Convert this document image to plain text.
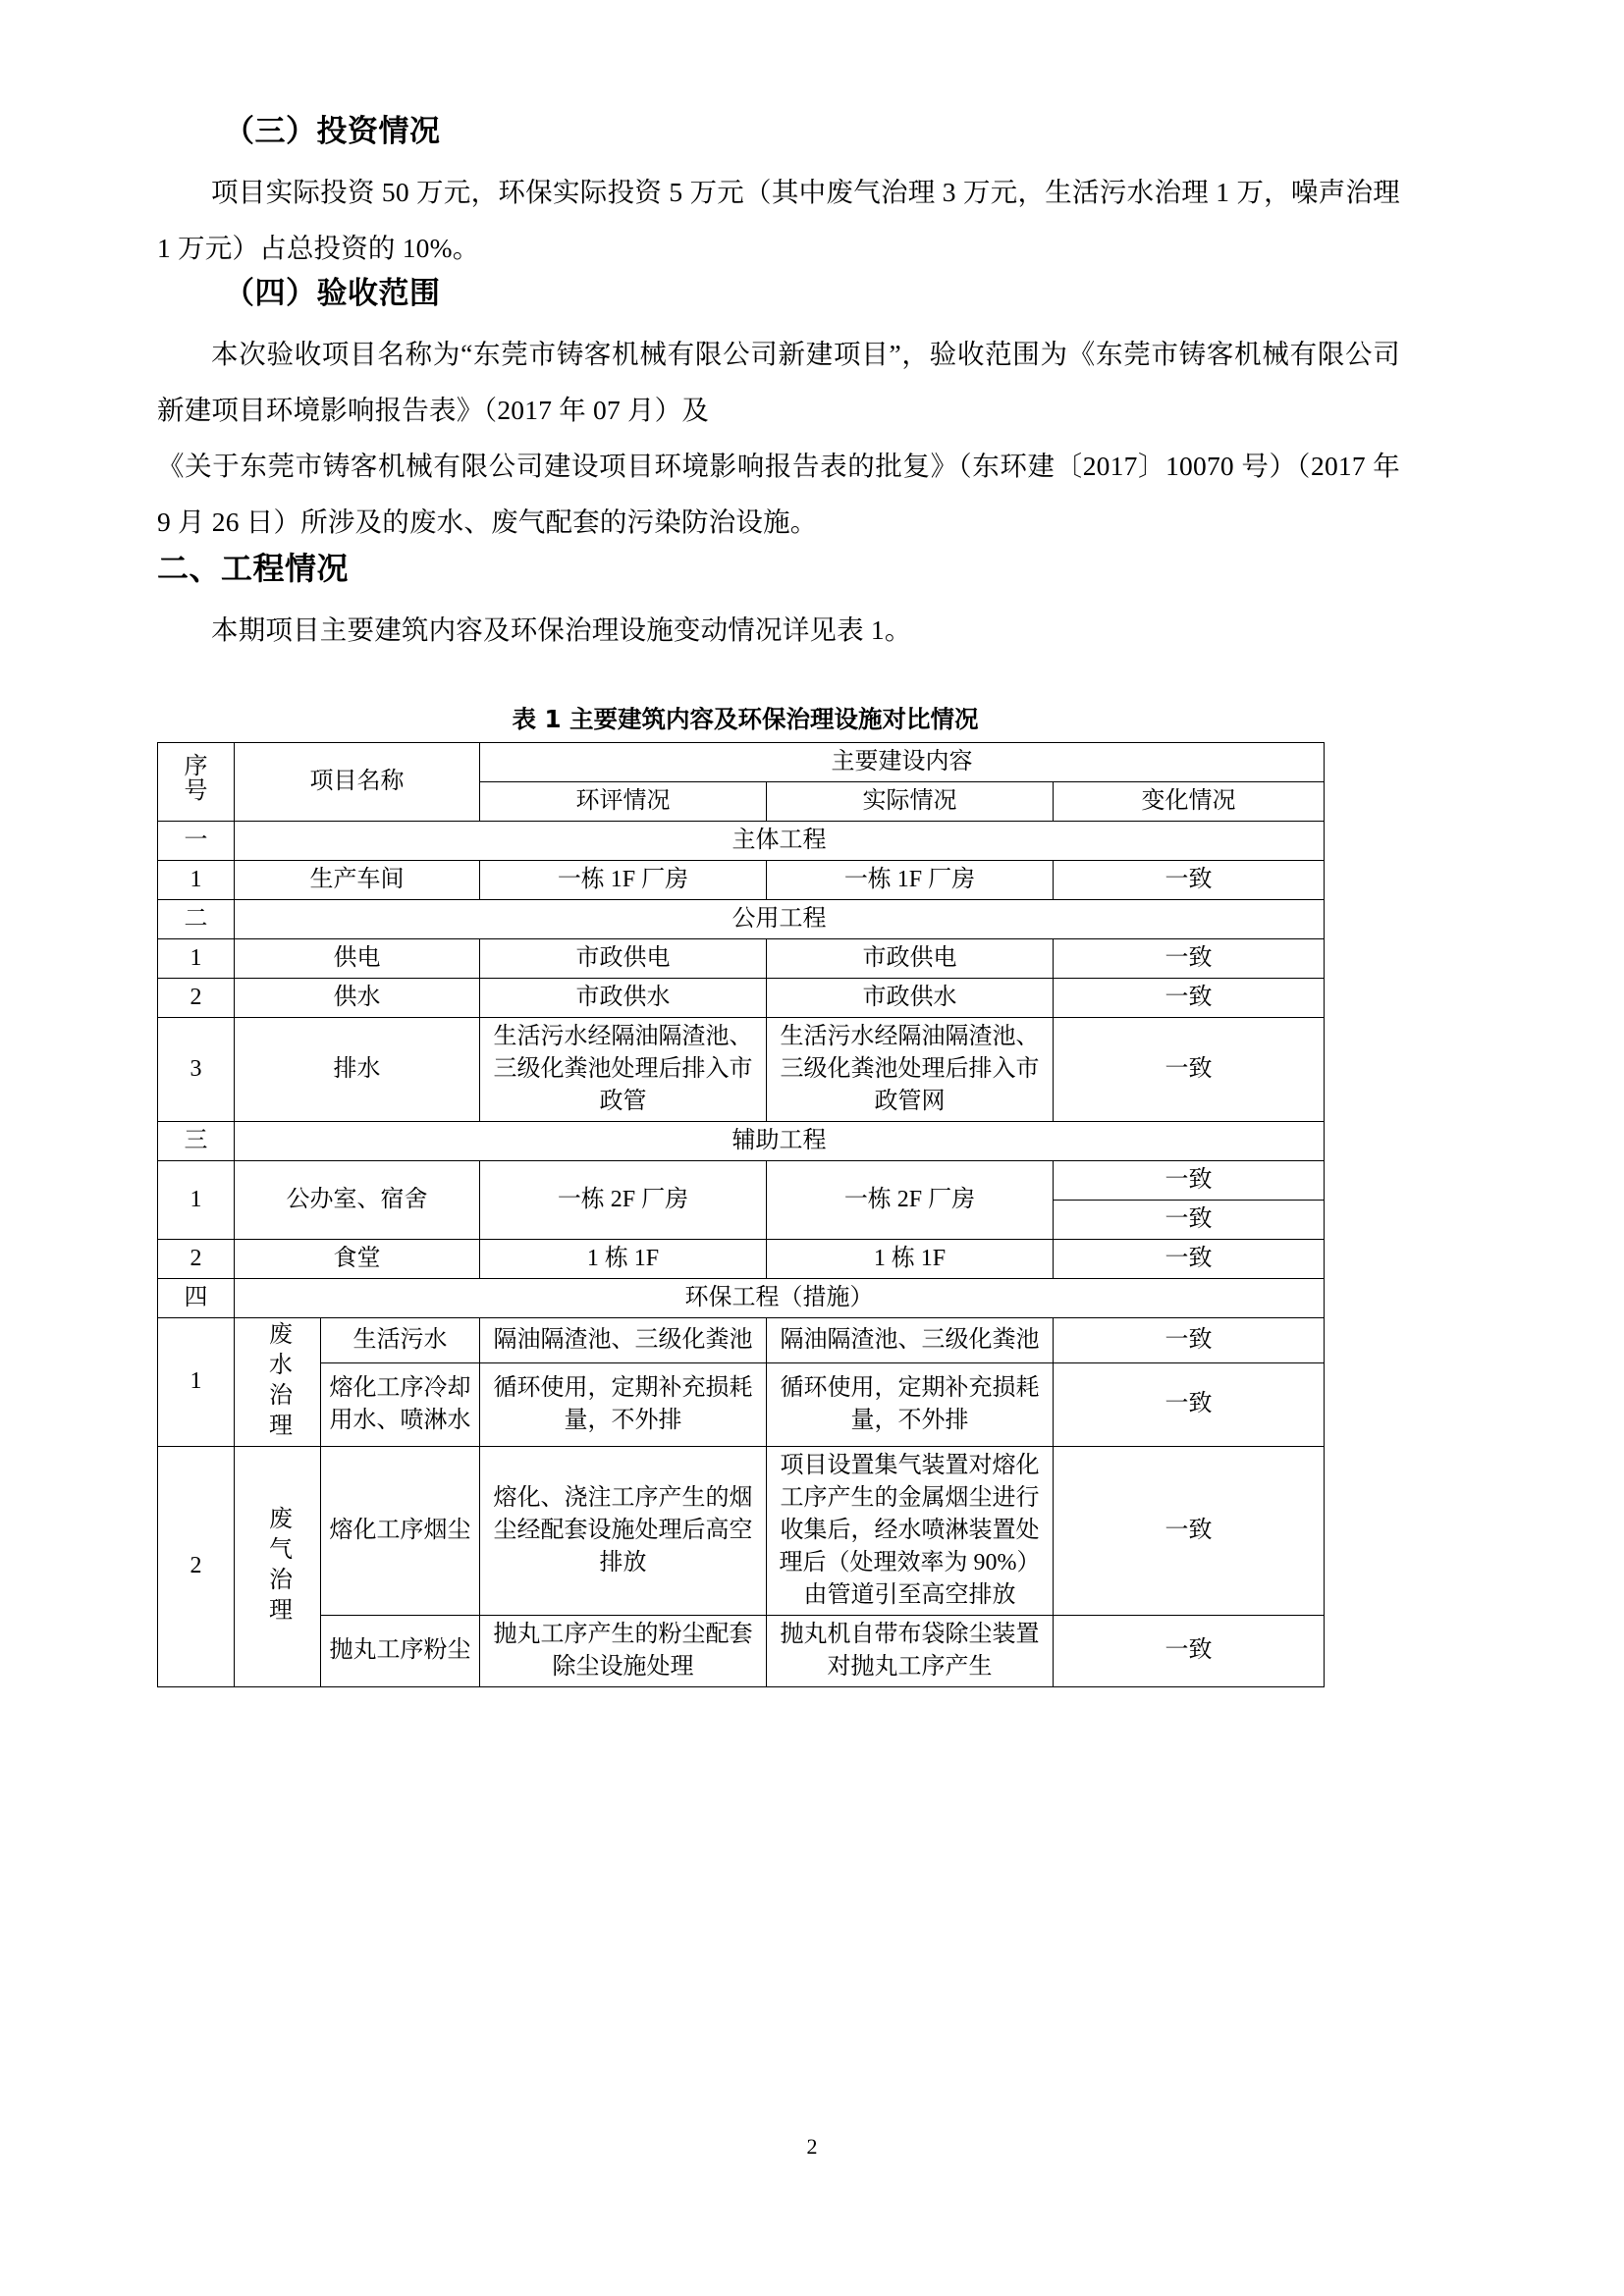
（三）投资情况

项目实际投资 50 万元，环保实际投资 5 万元（其中废气治理 3 万元，生活污水治理 1 万，噪声治理 1 万元）占总投资的 10%。

（四）验收范围

本次验收项目名称为“东莞市铸客机械有限公司新建项目”，验收范围为《东莞市铸客机械有限公司新建项目环境影响报告表》（2017 年 07 月）及

《关于东莞市铸客机械有限公司建设项目环境影响报告表的批复》（东环建〔2017〕10070 号）（2017 年 9 月 26 日）所涉及的废水、废气配套的污染防治设施。

二、工程情况

本期项目主要建筑内容及环保治理设施变动情况详见表 1。

表 1 主要建筑内容及环保治理设施对比情况
序号	项目名称		主要建设内容		
			环评情况	实际情况	变化情况
一	主体工程				
1	生产车间		一栋 1F 厂房	一栋 1F 厂房	一致
二	公用工程				
1	供电		市政供电	市政供电	一致
2	供水		市政供水	市政供水	一致
3	排水		生活污水经隔油隔渣池、三级化粪池处理后排入市政管	生活污水经隔油隔渣池、三级化粪池处理后排入市政管网	一致
三	辅助工程				
1	公办室、宿舍		一栋 2F 厂房	一栋 2F 厂房	一致
					一致
2	食堂		1 栋 1F	1 栋 1F	一致
四	环保工程（措施）				
1	废水治理	生活污水	隔油隔渣池、三级化粪池	隔油隔渣池、三级化粪池	一致
		熔化工序冷却用水、喷淋水	循环使用，定期补充损耗量，不外排	循环使用，定期补充损耗量，不外排	一致
2	废气治理	熔化工序烟尘	熔化、浇注工序产生的烟尘经配套设施处理后高空排放	项目设置集气装置对熔化工序产生的金属烟尘进行收集后，经水喷淋装置处理后（处理效率为 90%）由管道引至高空排放	一致
		抛丸工序粉尘	抛丸工序产生的粉尘配套除尘设施处理	抛丸机自带布袋除尘装置对抛丸工序产生	一致
2
